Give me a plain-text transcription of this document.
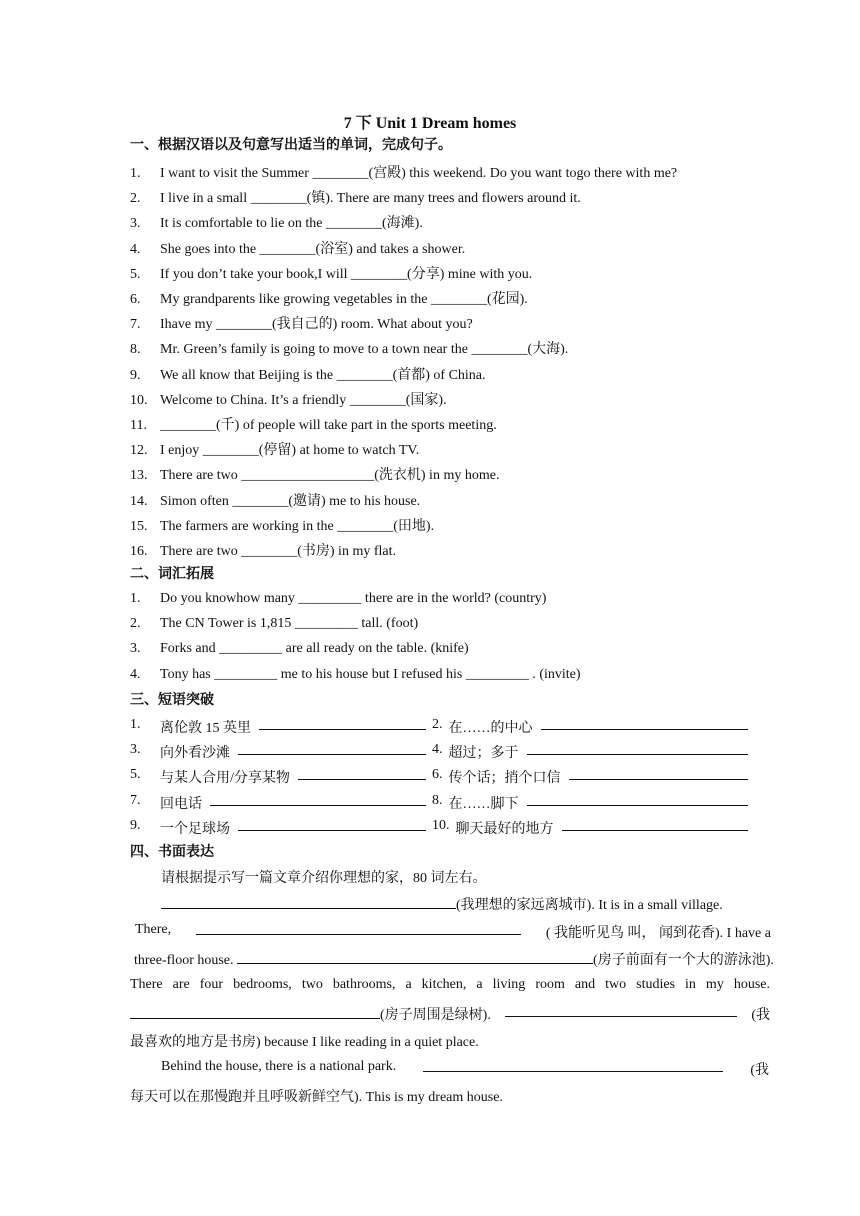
7 下 Unit 1 Dream homes
一、根据汉语以及句意写出适当的单词，完成句子。
1. I want to visit the Summer ________(宫殿) this weekend. Do you want togo there with me?
2. I live in a small ________(镇). There are many trees and flowers around it.
3. It is comfortable to lie on the ________(海滩).
4. She goes into the ________(浴室) and takes a shower.
5. If you don’t take your book,I will ________(分享) mine with you.
6. My grandparents like growing vegetables in the ________(花园).
7. Ihave my ________(我自己的) room. What about you?
8. Mr. Green’s family is going to move to a town near the ________(大海).
9. We all know that Beijing is the ________(首都) of China.
10. Welcome to China. It’s a friendly ________(国家).
11. ________(千) of people will take part in the sports meeting.
12. I enjoy ________(停留) at home to watch TV.
13. There are two ___________________(洗衣机) in my home.
14. Simon often ________(邀请) me to his house.
15. The farmers are working in the ________(田地).
16. There are two ________(书房) in my flat.
二、词汇拓展
1. Do you knowhow many _________ there are in the world? (country)
2. The CN Tower is 1,815 _________ tall. (foot)
3. Forks and _________ are all ready on the table. (knife)
4. Tony has _________ me to his house but I refused his _________ . (invite)
三、短语突破
1.	离伦敦 15 英里	2. 在……的中心
3.	向外看沙滩	4. 超过；多于
5.	与某人合用/分享某物	6. 传个话；捎个口信
7.	回电话	8. 在……脚下
9.	一个足球场	10. 聊天最好的地方
四、书面表达
请根据提示写一篇文章介绍你理想的家，80 词左右。
(我理想的家远离城市). It is in a small village.
There,	( 我能听见鸟 叫， 闻到花香). I have a
three-floor house.	(房子前面有一个大的游泳池).
There are four bedrooms, two bathrooms, a kitchen, a living room and two studies in my house.
(房子周围是绿树).	(我
最喜欢的地方是书房) because I like reading in a quiet place.
Behind the house, there is a national park.	(我
每天可以在那慢跑并且呼吸新鲜空气). This is my dream house.
